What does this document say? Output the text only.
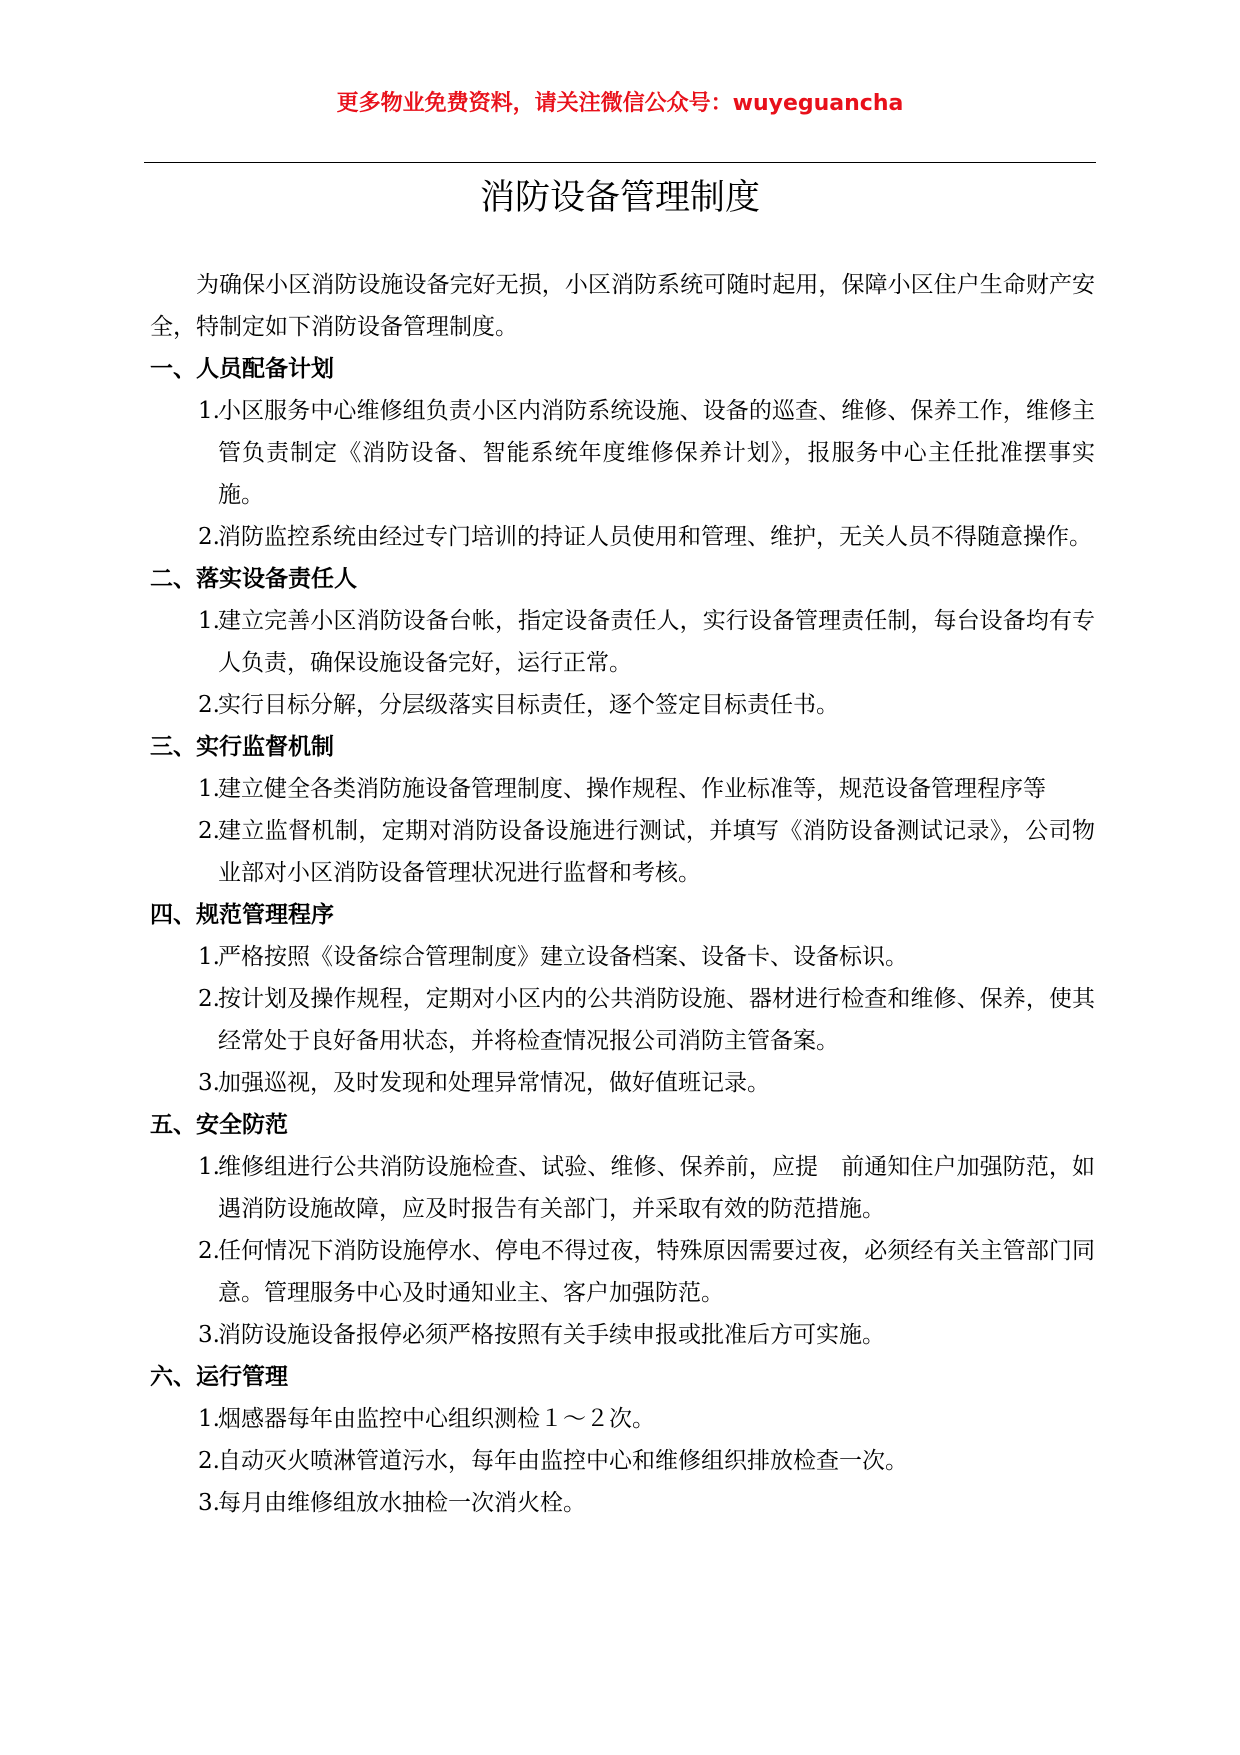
更多物业免费资料，请关注微信公众号：wuyeguancha
消防设备管理制度

为确保小区消防设施设备完好无损，小区消防系统可随时起用，保障小区住户生命财产安全，特制定如下消防设备管理制度。

一、人员配备计划

1.
小区服务中心维修组负责小区内消防系统设施、设备的巡查、维修、保养工作，维修主管负责制定《消防设备、智能系统年度维修保养计划》，报服务中心主任批准摆事实施。

2.
消防监控系统由经过专门培训的持证人员使用和管理、维护，无关人员不得随意操作。

二、落实设备责任人

1.
建立完善小区消防设备台帐，指定设备责任人，实行设备管理责任制，每台设备均有专人负责，确保设施设备完好，运行正常。

2.
实行目标分解，分层级落实目标责任，逐个签定目标责任书。

三、实行监督机制

1.
建立健全各类消防施设备管理制度、操作规程、作业标准等，规范设备管理程序等

2.
建立监督机制，定期对消防设备设施进行测试，并填写《消防设备测试记录》，公司物业部对小区消防设备管理状况进行监督和考核。

四、规范管理程序

1.
严格按照《设备综合管理制度》建立设备档案、设备卡、设备标识。

2.
按计划及操作规程，定期对小区内的公共消防设施、器材进行检查和维修、保养，使其经常处于良好备用状态，并将检查情况报公司消防主管备案。

3.
加强巡视，及时发现和处理异常情况，做好值班记录。

五、安全防范

1.
维修组进行公共消防设施检查、试验、维修、保养前，应提　前通知住户加强防范，如遇消防设施故障，应及时报告有关部门，并采取有效的防范措施。

2.
任何情况下消防设施停水、停电不得过夜，特殊原因需要过夜，必须经有关主管部门同意。管理服务中心及时通知业主、客户加强防范。

3.
消防设施设备报停必须严格按照有关手续申报或批准后方可实施。

六、运行管理

1.
烟感器每年由监控中心组织测检１～２次。

2.
自动灭火喷淋管道污水，每年由监控中心和维修组织排放检查一次。

3.
每月由维修组放水抽检一次消火栓。
